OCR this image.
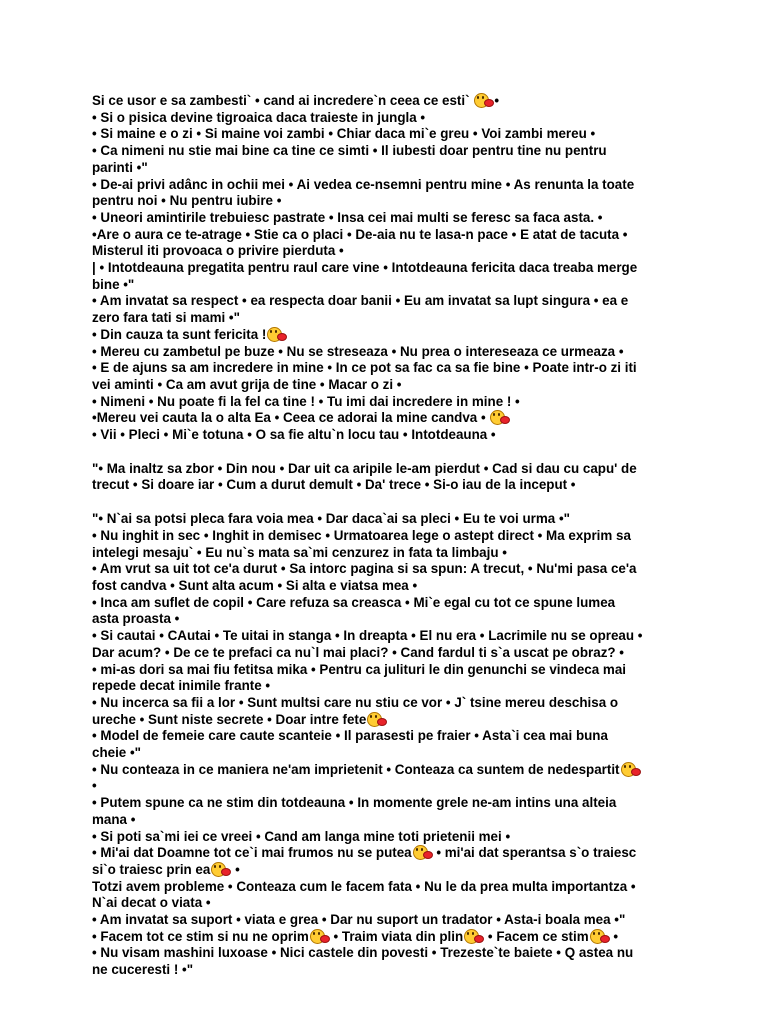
Si ce usor e sa zambesti` • cand ai incredere`n ceea ce esti` •
• Si o pisica devine tigroaica daca traieste in jungla •
• Si maine e o zi • Si maine voi zambi • Chiar daca mi`e greu • Voi zambi mereu •
• Ca nimeni nu stie mai bine ca tine ce simti • Il iubesti doar pentru tine nu pentru
parinti •"
• De-ai privi adânc in ochii mei • Ai vedea ce-nsemni pentru mine • As renunta la toate
pentru noi • Nu pentru iubire •
• Uneori amintirile trebuiesc pastrate • Insa cei mai multi se feresc sa faca asta. •
•Are o aura ce te-atrage • Stie ca o placi • De-aia nu te lasa-n pace • E atat de tacuta •
Misterul iti provoaca o privire pierduta •
| • Intotdeauna pregatita pentru raul care vine • Intotdeauna fericita daca treaba merge
bine •"
• Am invatat sa respect • ea respecta doar banii • Eu am invatat sa lupt singura • ea e
zero fara tati si mami •"
• Din cauza ta sunt fericita !
• Mereu cu zambetul pe buze • Nu se streseaza • Nu prea o intereseaza ce urmeaza •
• E de ajuns sa am incredere in mine • In ce pot sa fac ca sa fie bine • Poate intr-o zi iti
vei aminti • Ca am avut grija de tine • Macar o zi •
• Nimeni • Nu poate fi la fel ca tine ! • Tu imi dai incredere in mine ! •
•Mereu vei cauta la o alta Ea • Ceea ce adorai la mine candva •
• Vii • Pleci • Mi`e totuna • O sa fie altu`n locu tau • Intotdeauna •
"• Ma inaltz sa zbor • Din nou • Dar uit ca aripile le-am pierdut • Cad si dau cu capu' de
trecut • Si doare iar • Cum a durut demult • Da' trece • Si-o iau de la inceput •
"• N`ai sa potsi pleca fara voia mea • Dar daca`ai sa pleci • Eu te voi urma •"
• Nu inghit in sec • Inghit in demisec • Urmatoarea lege o astept direct • Ma exprim sa
intelegi mesaju` • Eu nu`s mata sa`mi cenzurez in fata ta limbaju •
• Am vrut sa uit tot ce'a durut • Sa intorc pagina si sa spun: A trecut, • Nu'mi pasa ce'a
fost candva • Sunt alta acum • Si alta e viatsa mea •
• Inca am suflet de copil • Care refuza sa creasca • Mi`e egal cu tot ce spune lumea
asta proasta •
• Si cautai • CAutai • Te uitai in stanga • In dreapta • El nu era • Lacrimile nu se opreau •
Dar acum? • De ce te prefaci ca nu`l mai placi? • Cand fardul ti s`a uscat pe obraz? •
• mi-as dori sa mai fiu fetitsa mika • Pentru ca julituri le din genunchi se vindeca mai
repede decat inimile frante •
• Nu incerca sa fii a lor • Sunt multsi care nu stiu ce vor • J` tsine mereu deschisa o
ureche • Sunt niste secrete • Doar intre fete
• Model de femeie care caute scanteie • Il parasesti pe fraier • Asta`i cea mai buna
cheie •"
• Nu conteaza in ce maniera ne'am imprietenit • Conteaza ca suntem de nedespartit
•
• Putem spune ca ne stim din totdeauna • In momente grele ne-am intins una alteia
mana •
• Si poti sa`mi iei ce vreei • Cand am langa mine toti prietenii mei •
• Mi'ai dat Doamne tot ce`i mai frumos nu se putea
• mi'ai dat sperantsa s`o traiesc
si`o traiesc prin ea
•
Totzi avem probleme • Conteaza cum le facem fata • Nu le da prea multa importantza •
N`ai decat o viata •
• Am invatat sa suport • viata e grea • Dar nu suport un tradator • Asta-i boala mea •"
• Facem tot ce stim si nu ne oprim
• Traim viata din plin
• Facem ce stim
•
• Nu visam mashini luxoase • Nici castele din povesti • Trezeste`te baiete • Q astea nu
ne cuceresti ! •"
